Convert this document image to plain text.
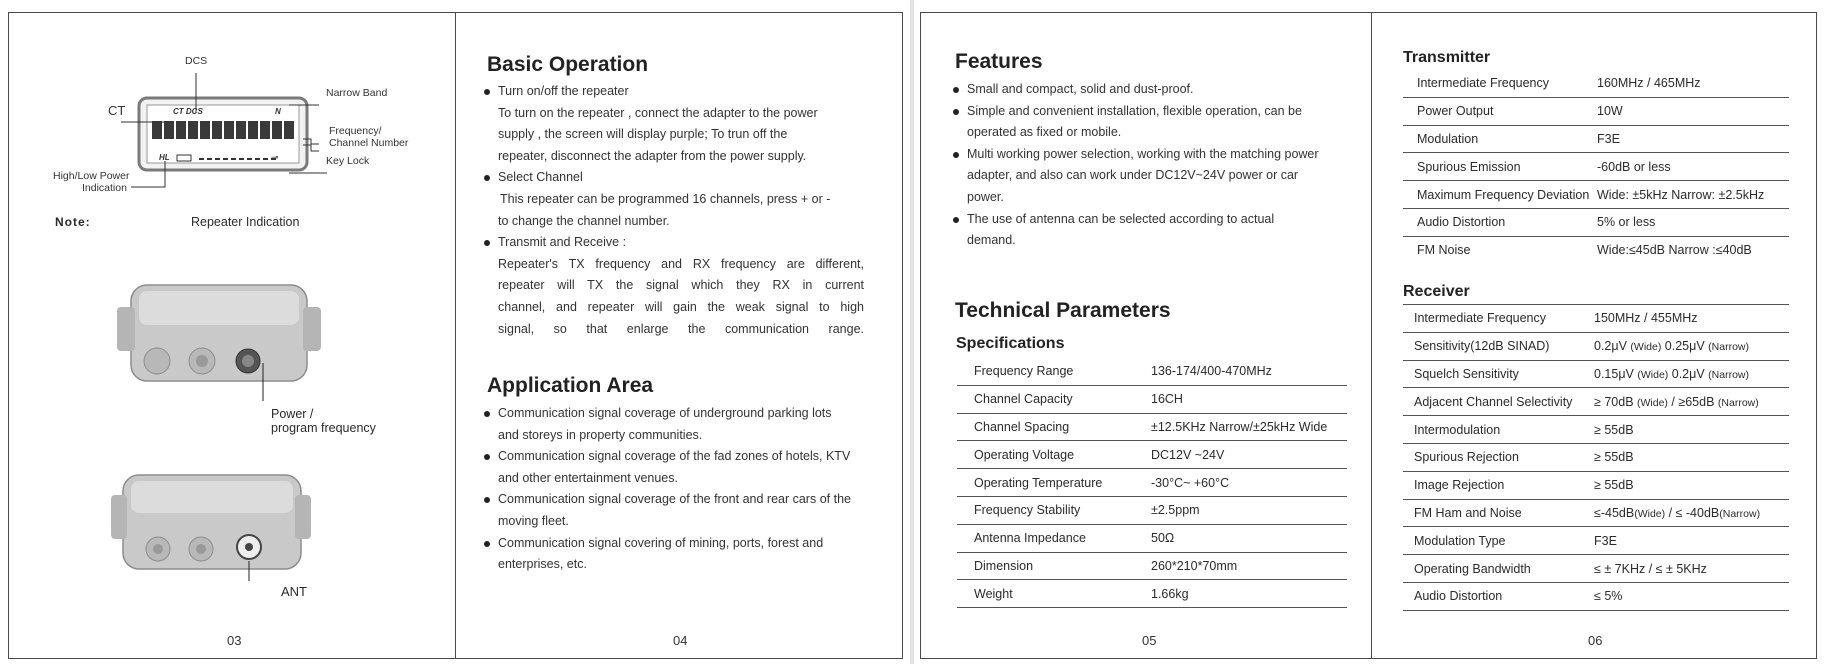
DCS
CT
Narrow Band
Frequency/
Channel Number
Key Lock
High/Low Power
Indication
CT DCS	N
HL	⊸
Note:	Repeater Indication
Power /
program frequency
ANT
03
Basic Operation
Turn on/off the repeater
To turn on the repeater , connect the adapter to the power
supply , the screen will display purple; To trun off the
repeater, disconnect the adapter from the power supply.
Select Channel
This repeater can be programmed 16 channels, press + or -
to change the channel number.
Transmit and Receive :
Repeater's TX frequency and RX frequency are different,
repeater will TX the signal which they RX in current
channel, and repeater will gain the weak signal to high
signal, so that enlarge the communication range.
Application Area
Communication signal coverage of underground parking lots
and storeys in property communities.
Communication signal coverage of the fad zones of hotels, KTV
and other entertainment venues.
Communication signal coverage of the front and rear cars of the
moving fleet.
Communication signal covering of mining, ports, forest and
enterprises, etc.
04
Features
Small and compact, solid and dust-proof.
Simple and convenient installation, flexible operation, can be
operated as fixed or mobile.
Multi working power selection, working with the matching power
adapter, and also can work under DC12V~24V power or car
power.
The use of antenna can be selected according to actual
demand.
Technical Parameters
Specifications
Frequency Range	136-174/400-470MHz
Channel Capacity	16CH
Channel Spacing	±12.5KHz Narrow/±25kHz Wide
Operating Voltage	DC12V ~24V
Operating Temperature	-30°C~ +60°C
Frequency Stability	±2.5ppm
Antenna Impedance	50Ω
Dimension	260*210*70mm
Weight	1.66kg
05
Transmitter
Intermediate Frequency	160MHz / 465MHz
Power Output	10W
Modulation	F3E
Spurious Emission	-60dB or less
Maximum Frequency Deviation	Wide: ±5kHz Narrow: ±2.5kHz
Audio Distortion	5% or less
FM Noise	Wide:≤45dB Narrow :≤40dB
Receiver
Intermediate Frequency	150MHz / 455MHz
Sensitivity(12dB SINAD)	0.2μV (Wide) 0.25μV (Narrow)
Squelch Sensitivity	0.15μV (Wide) 0.2μV (Narrow)
Adjacent Channel Selectivity	≥ 70dB (Wide) / ≥65dB (Narrow)
Intermodulation	≥ 55dB
Spurious Rejection	≥ 55dB
Image Rejection	≥ 55dB
FM Ham and Noise	≤-45dB(Wide) / ≤ -40dB(Narrow)
Modulation Type	F3E
Operating Bandwidth	≤ ± 7KHz / ≤ ± 5KHz
Audio Distortion	≤ 5%
06
